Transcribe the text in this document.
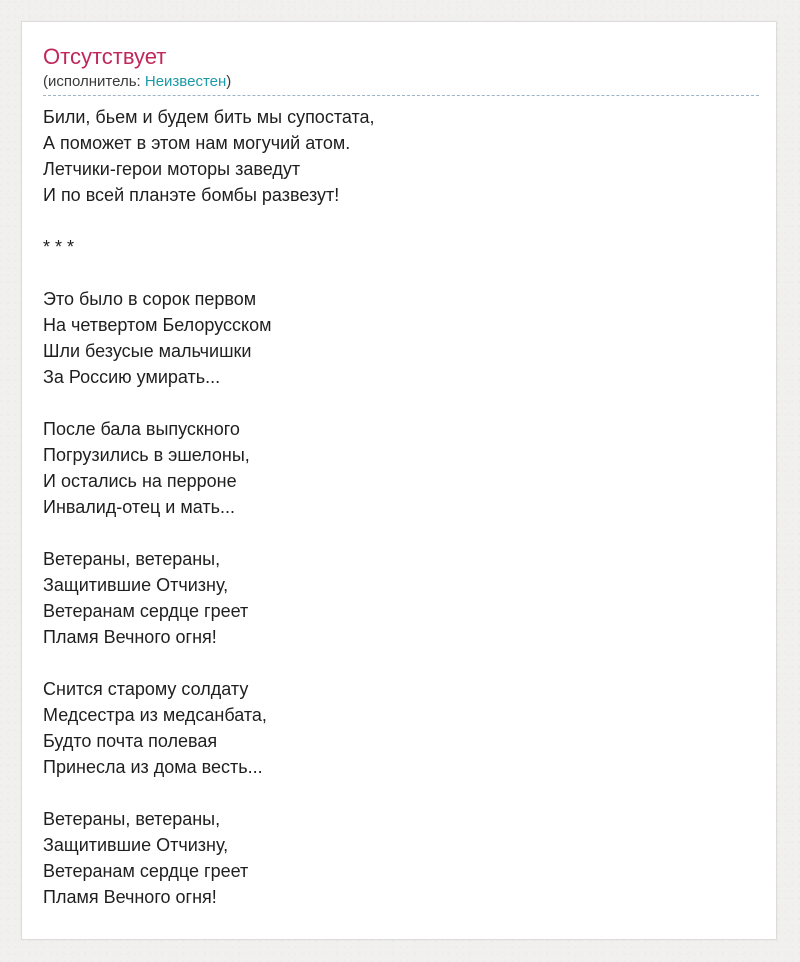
Отсутствует
(исполнитель: Неизвестен)
Били, бьем и будем бить мы супостата,
А поможет в этом нам могучий атом.
Летчики-герои моторы заведут
И по всей планэте бомбы развезут!
* * *
Это было в сорок первом
На четвертом Белорусском
Шли безусые мальчишки
За Россию умирать...
После бала выпускного
Погрузились в эшелоны,
И остались на перроне
Инвалид-отец и мать...
Ветераны, ветераны,
Защитившие Отчизну,
Ветеранам сердце греет
Пламя Вечного огня!
Снится старому солдату
Медсестра из медсанбата,
Будто почта полевая
Принесла из дома весть...
Ветераны, ветераны,
Защитившие Отчизну,
Ветеранам сердце греет
Пламя Вечного огня!
